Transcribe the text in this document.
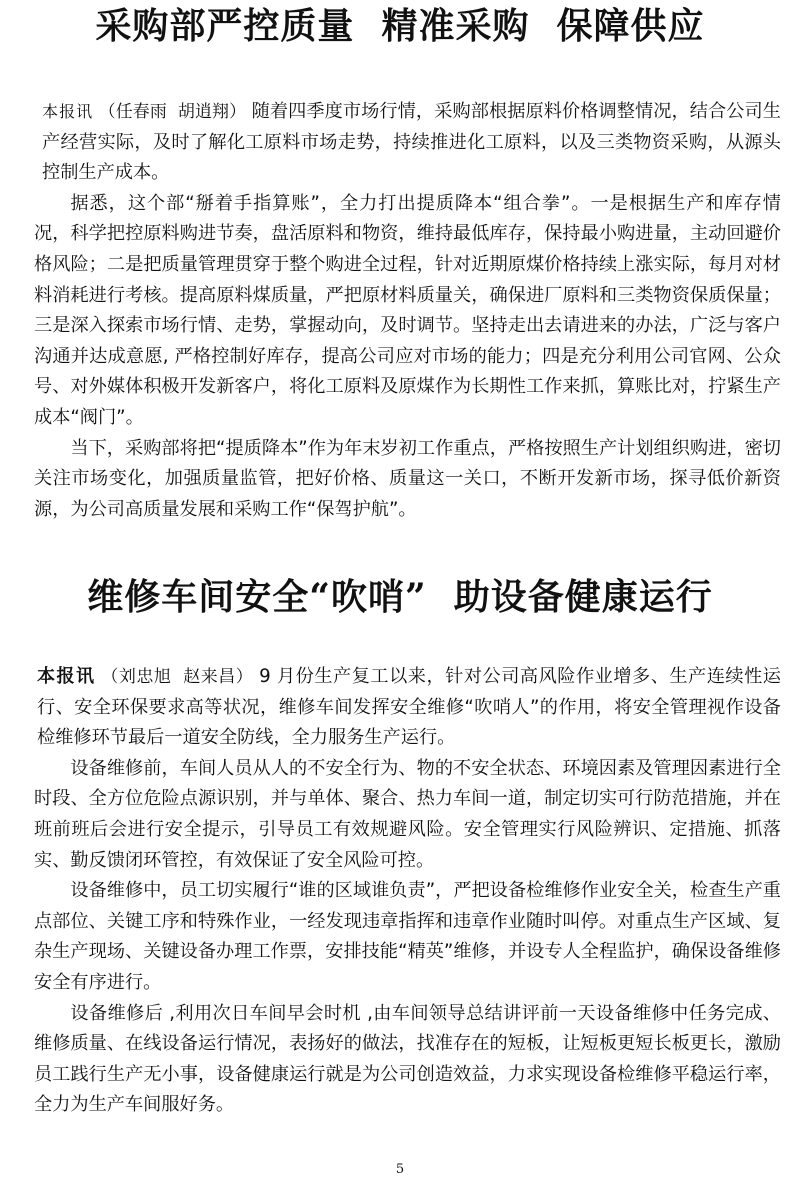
采购部严控质量  精准采购  保障供应

本报讯 （任春雨  胡逍翔） 随着四季度市场行情，采购部根据原料价格调整情况，结合公司生产经营实际，及时了解化工原料市场走势，持续推进化工原料，以及三类物资采购，从源头控制生产成本。

据悉，这个部“掰着手指算账”，全力打出提质降本“组合拳”。一是根据生产和库存情况，科学把控原料购进节奏，盘活原料和物资，维持最低库存，保持最小购进量，主动回避价格风险；二是把质量管理贯穿于整个购进全过程，针对近期原煤价格持续上涨实际，每月对材料消耗进行考核。提高原料煤质量，严把原材料质量关，确保进厂原料和三类物资保质保量；三是深入探索市场行情、走势，掌握动向，及时调节。坚持走出去请进来的办法，广泛与客户沟通并达成意愿, 严格控制好库存，提高公司应对市场的能力；四是充分利用公司官网、公众号、对外媒体积极开发新客户，将化工原料及原煤作为长期性工作来抓，算账比对，拧紧生产成本“阀门”。

当下，采购部将把“提质降本”作为年末岁初工作重点，严格按照生产计划组织购进，密切关注市场变化，加强质量监管，把好价格、质量这一关口，不断开发新市场，探寻低价新资源，为公司高质量发展和采购工作“保驾护航”。

维修车间安全“吹哨”  助设备健康运行

本报讯 （刘忠旭  赵来昌） 9 月份生产复工以来，针对公司高风险作业增多、生产连续性运行、安全环保要求高等状况，维修车间发挥安全维修“吹哨人”的作用，将安全管理视作设备检维修环节最后一道安全防线，全力服务生产运行。

设备维修前，车间人员从人的不安全行为、物的不安全状态、环境因素及管理因素进行全时段、全方位危险点源识别，并与单体、聚合、热力车间一道，制定切实可行防范措施，并在班前班后会进行安全提示，引导员工有效规避风险。安全管理实行风险辨识、定措施、抓落实、勤反馈闭环管控，有效保证了安全风险可控。

设备维修中，员工切实履行“谁的区域谁负责”，严把设备检维修作业安全关，检查生产重点部位、关键工序和特殊作业，一经发现违章指挥和违章作业随时叫停。对重点生产区域、复杂生产现场、关键设备办理工作票，安排技能“精英”维修，并设专人全程监护，确保设备维修安全有序进行。

设备维修后 ,利用次日车间早会时机 ,由车间领导总结讲评前一天设备维修中任务完成、维修质量、在线设备运行情况，表扬好的做法，找准存在的短板，让短板更短长板更长，激励员工践行生产无小事，设备健康运行就是为公司创造效益，力求实现设备检维修平稳运行率，全力为生产车间服好务。

5
